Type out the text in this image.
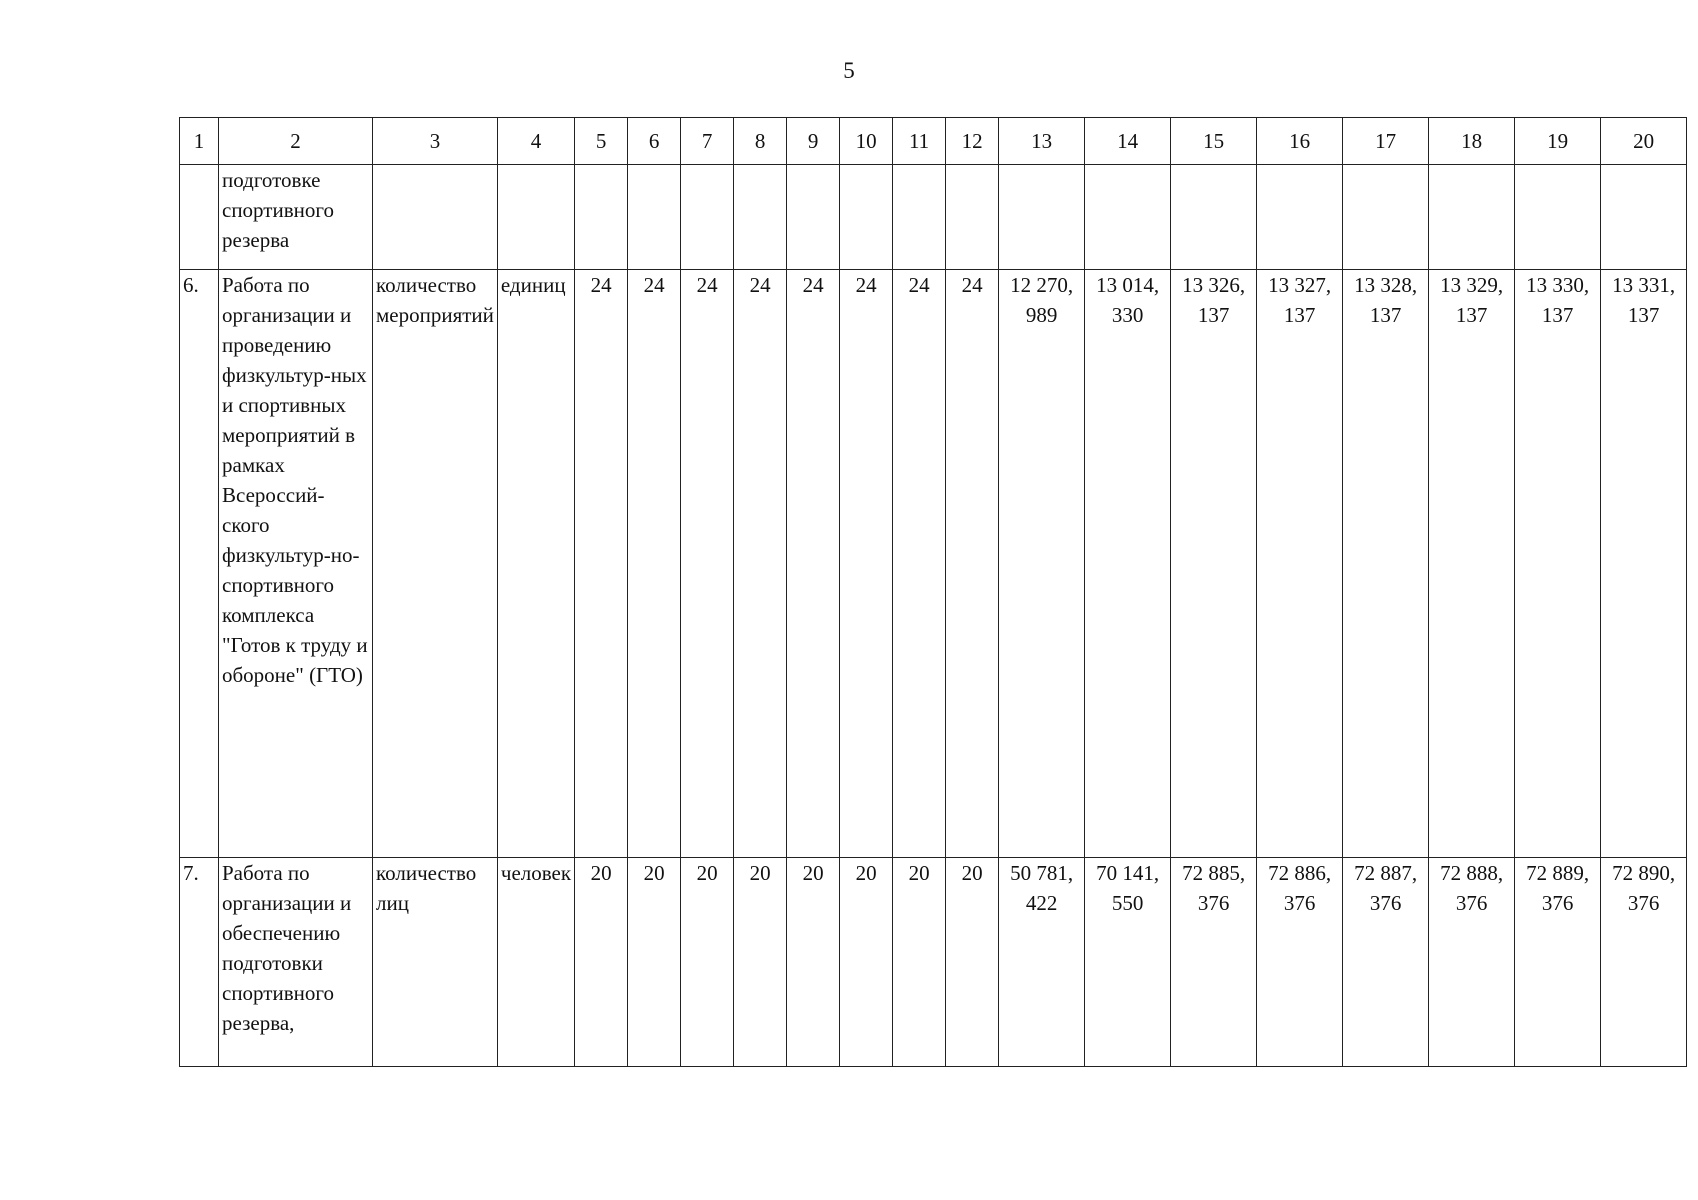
5
1	2	3	4	5	6	7	8	9	10	11	12	13	14	15	16	17	18	19	20
	подготовке спортивного резерва																		
6.	Работа по организации и проведению физкультур-ных и спортивных мероприятий в рамках Всероссий-ского физкультур-но-спортивного комплекса "Готов к труду и обороне" (ГТО)	количество мероприятий	единиц	24	24	24	24	24	24	24	24	12 270, 989	13 014, 330	13 326, 137	13 327, 137	13 328, 137	13 329, 137	13 330, 137	13 331, 137
7.	Работа по организации и обеспечению подготовки спортивного резерва,	количество лиц	человек	20	20	20	20	20	20	20	20	50 781, 422	70 141, 550	72 885, 376	72 886, 376	72 887, 376	72 888, 376	72 889, 376	72 890, 376
